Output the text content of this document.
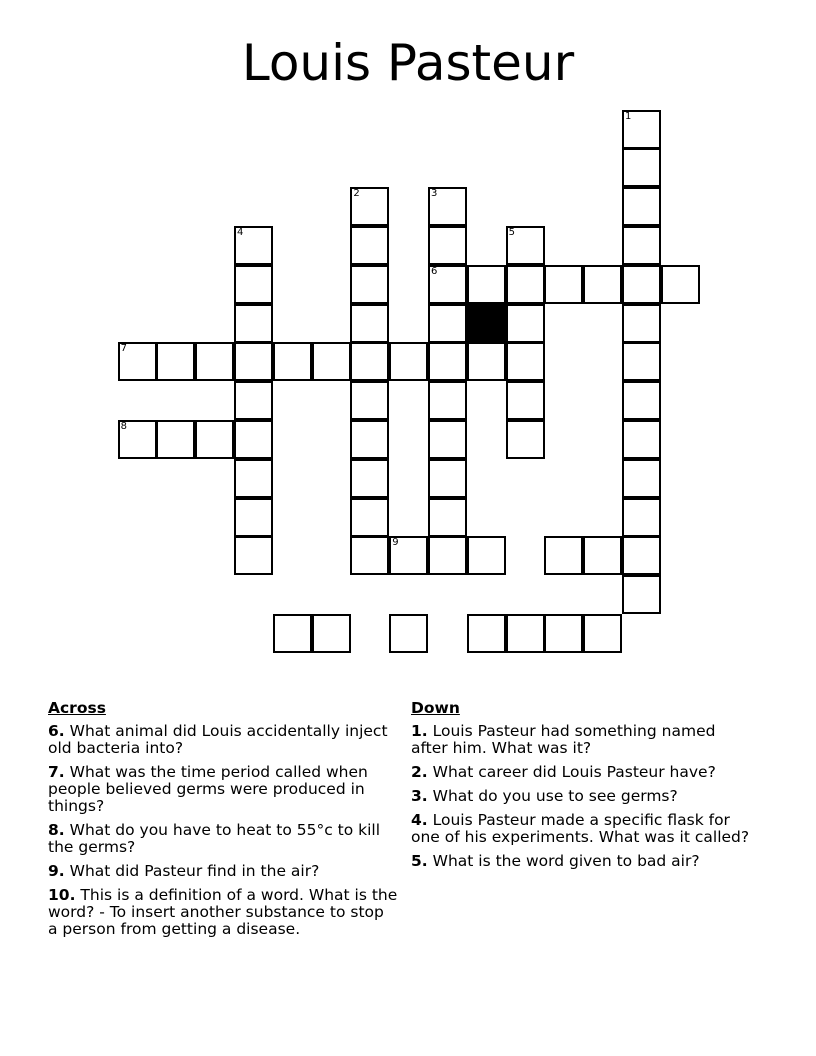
Louis Pasteur
1
2	3
6
4	5
7
8
9
Across
6. What animal did Louis accidentally inject old bacteria into?
7. What was the time period called when people believed germs were produced in things?
8. What do you have to heat to 55°c to kill the germs?
9. What did Pasteur find in the air?
10. This is a definition of a word. What is the word? - To insert another substance to stop a person from getting a disease.
Down
1. Louis Pasteur had something named after him. What was it?
2. What career did Louis Pasteur have?
3. What do you use to see germs?
4. Louis Pasteur made a specific flask for one of his experiments. What was it called?
5. What is the word given to bad air?
